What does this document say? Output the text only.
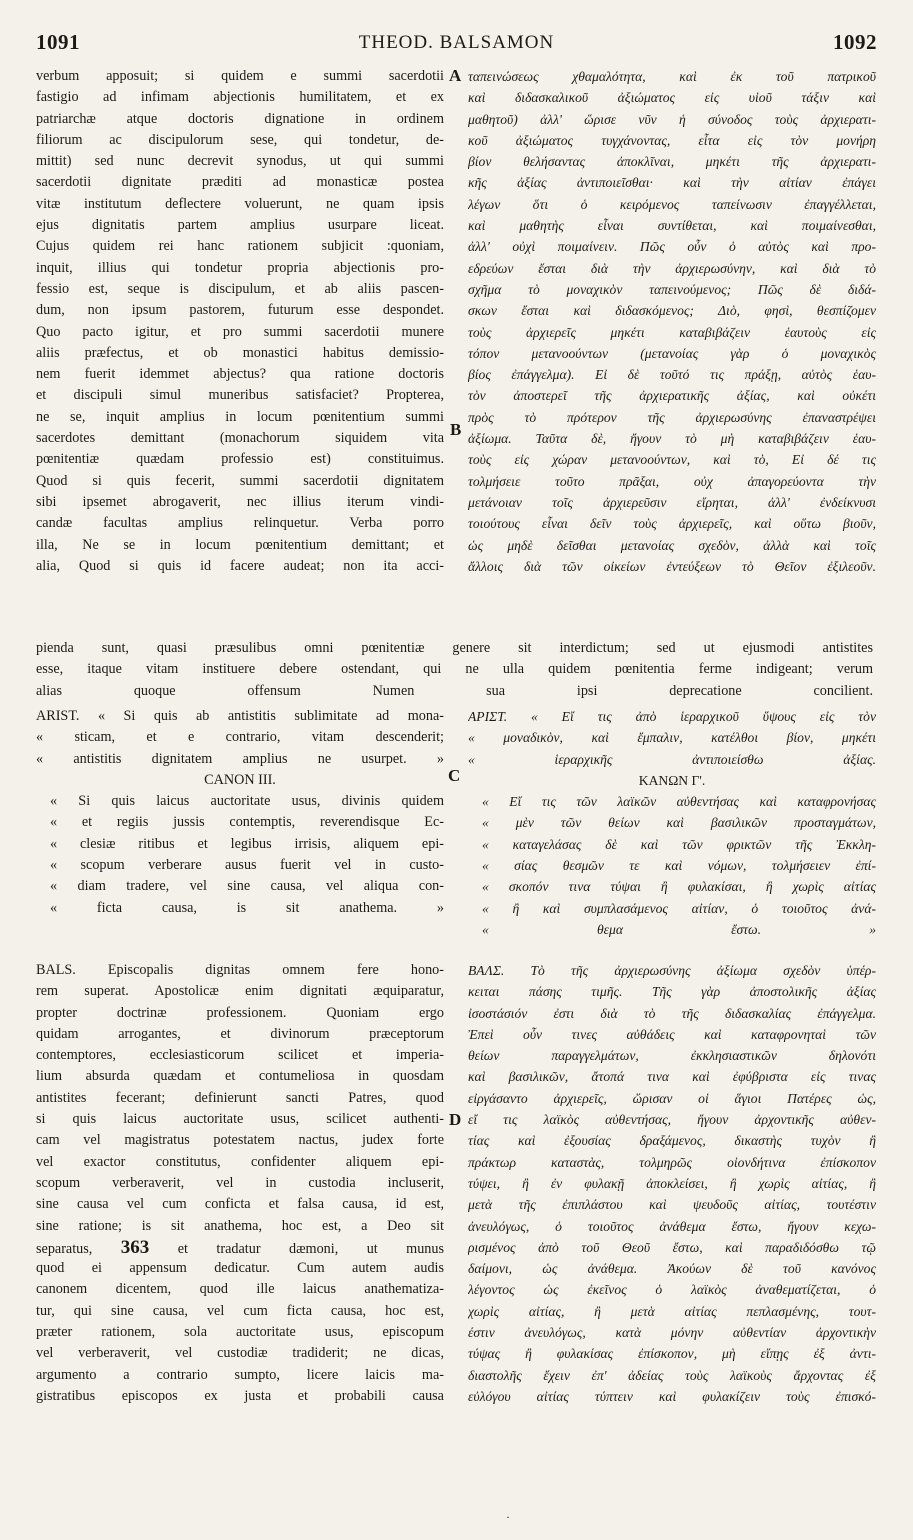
1091	THEOD. BALSAMON	1092
A
B
C
D
verbum apposuit; si quidem e summi sacerdotii
fastigio ad infimam abjectionis humilitatem, et ex
patriarchæ atque doctoris dignatione in ordinem
filiorum ac discipulorum sese, qui tondetur, de-
mittit) sed nunc decrevit synodus, ut qui summi
sacerdotii dignitate præditi ad monasticæ postea
vitæ institutum deflectere voluerunt, ne quam ipsis
ejus dignitatis partem amplius usurpare liceat.
Cujus quidem rei hanc rationem subjicit :quoniam,
inquit, illius qui tondetur propria abjectionis pro-
fessio est, seque is discipulum, et ab aliis pascen-
dum, non ipsum pastorem, futurum esse despondet.
Quo pacto igitur, et pro summi sacerdotii munere
aliis præfectus, et ob monastici habitus demissio-
nem fuerit idemmet abjectus? qua ratione doctoris
et discipuli simul muneribus satisfaciet? Propterea,
ne se, inquit amplius in locum pœnitentium summi
sacerdotes demittant (monachorum siquidem vita
pœnitentiæ quædam professio est) constituimus.
Quod si quis fecerit, summi sacerdotii dignitatem
sibi ipsemet abrogaverit, nec illius iterum vindi-
candæ facultas amplius relinquetur. Verba porro
illa, Ne se in locum pœnitentium demittant; et
alia, Quod si quis id facere audeat; non ita acci-
ταπεινώσεως χθαμαλότητα, καὶ ἐκ τοῦ πατρικοῦ
καὶ διδασκαλικοῦ ἀξιώματος εἰς υἱοῦ τάξιν καὶ
μαθητοῦ) ἀλλ' ὥρισε νῦν ἡ σύνοδος τοὺς ἀρχιερατι-
κοῦ ἀξιώματος τυγχάνοντας, εἶτα εἰς τὸν μονήρη
βίον θελήσαντας ἀποκλῖναι, μηκέτι τῆς ἀρχιερατι-
κῆς ἀξίας ἀντιποιεῖσθαι· καὶ τὴν αἰτίαν ἐπάγει
λέγων ὅτι ὁ κειρόμενος ταπείνωσιν ἐπαγγέλλεται,
καὶ μαθητὴς εἶναι συντίθεται, καὶ ποιμαίνεσθαι,
ἀλλ' οὐχὶ ποιμαίνειν. Πῶς οὖν ὁ αὐτὸς καὶ προ-
εδρεύων ἔσται διὰ τὴν ἀρχιερωσύνην, καὶ διὰ τὸ
σχῆμα τὸ μοναχικὸν ταπεινούμενος; Πῶς δὲ διδά-
σκων ἔσται καὶ διδασκόμενος; Διὸ, φησὶ, θεσπίζομεν
τοὺς ἀρχιερεῖς μηκέτι καταβιβάζειν ἑαυτοὺς εἰς
τόπον μετανοούντων (μετανοίας γὰρ ὁ μοναχικὸς
βίος ἐπάγγελμα). Εἰ δὲ τοῦτό τις πράξῃ, αὐτὸς ἑαυ-
τὸν ἀποστερεῖ τῆς ἀρχιερατικῆς ἀξίας, καὶ οὐκέτι
πρὸς τὸ πρότερον τῆς ἀρχιερωσύνης ἐπαναστρέψει
ἀξίωμα. Ταῦτα δὲ, ἤγουν τὸ μὴ καταβιβάζειν ἑαυ-
τοὺς εἰς χώραν μετανοούντων, καὶ τὸ, Εἰ δέ τις
τολμήσειε τοῦτο πρᾶξαι, οὐχ ἀπαγορεύοντα τὴν
μετάνοιαν τοῖς ἀρχιερεῦσιν εἴρηται, ἀλλ' ἐνδείκνυσι
τοιούτους εἶναι δεῖν τοὺς ἀρχιερεῖς, καὶ οὕτω βιοῦν,
ὡς μηδὲ δεῖσθαι μετανοίας σχεδὸν, ἀλλὰ καὶ τοῖς
ἄλλοις διὰ τῶν οἰκείων ἐντεύξεων τὸ Θεῖον ἐξιλεοῦν.
pienda sunt, quasi præsulibus omni pœnitentiæ genere sit interdictum; sed ut ejusmodi antistites
esse, itaque vitam instituere debere ostendant, qui ne ulla quidem pœnitentia ferme indigeant; verum
alias quoque offensum Numen sua ipsi deprecatione concilient.
ARIST. « Si quis ab antistitis sublimitate ad mona-
« sticam, et e contrario, vitam descenderit;
« antistitis dignitatem amplius ne usurpet. »
CANON III.
« Si quis laicus auctoritate usus, divinis quidem
« et regiis jussis contemptis, reverendisque Ec-
« clesiæ ritibus et legibus irrisis, aliquem epi-
« scopum verberare ausus fuerit vel in custo-
« diam tradere, vel sine causa, vel aliqua con-
« ficta causa, is sit anathema. »
ΑΡΙΣΤ. « Εἴ τις ἀπὸ ἱεραρχικοῦ ὕψους εἰς τὸν
« μοναδικὸν, καὶ ἔμπαλιν, κατέλθοι βίον, μηκέτι
« ἱεραρχικῆς ἀντιποιείσθω ἀξίας.
ΚΑΝΩΝ Γ'.
« Εἴ τις τῶν λαϊκῶν αὐθεντήσας καὶ καταφρονήσας
« μὲν τῶν θείων καὶ βασιλικῶν προσταγμάτων,
« καταγελάσας δὲ καὶ τῶν φρικτῶν τῆς Ἐκκλη-
« σίας θεσμῶν τε καὶ νόμων, τολμήσειεν ἐπί-
« σκοπόν τινα τύψαι ἢ φυλακίσαι, ἢ χωρὶς αἰτίας
« ἢ καὶ συμπλασάμενος αἰτίαν, ὁ τοιοῦτος ἀνά-
« θεμα ἔστω. »
BALS. Episcopalis dignitas omnem fere hono-
rem superat. Apostolicæ enim dignitati æquiparatur,
propter doctrinæ professionem. Quoniam ergo
quidam arrogantes, et divinorum præceptorum
contemptores, ecclesiasticorum scilicet et imperia-
lium absurda quædam et contumeliosa in quosdam
antistites fecerant; definierunt sancti Patres, quod
si quis laicus auctoritate usus, scilicet authenti-
cam vel magistratus potestatem nactus, judex forte
vel exactor constitutus, confidenter aliquem epi-
scopum verberaverit, vel in custodia incluserit,
sine causa vel cum conficta et falsa causa, id est,
sine ratione; is sit anathema, hoc est, a Deo sit
separatus, 363 et tradatur dæmoni, ut munus
quod ei appensum dedicatur. Cum autem audis
canonem dicentem, quod ille laicus anathematiza-
tur, qui sine causa, vel cum ficta causa, hoc est,
præter rationem, sola auctoritate usus, episcopum
vel verberaverit, vel custodiæ tradiderit; ne dicas,
argumento a contrario sumpto, licere laicis ma-
gistratibus episcopos ex justa et probabili causa
ΒΑΛΣ. Τὸ τῆς ἀρχιερωσύνης ἀξίωμα σχεδὸν ὑπέρ-
κειται πάσης τιμῆς. Τῆς γὰρ ἀποστολικῆς ἀξίας
ἰσοστάσιόν ἐστι διὰ τὸ τῆς διδασκαλίας ἐπάγγελμα.
Ἐπεὶ οὖν τινες αὐθάδεις καὶ καταφρονηταὶ τῶν
θείων παραγγελμάτων, ἐκκλησιαστικῶν δηλονότι
καὶ βασιλικῶν, ἄτοπά τινα καὶ ἐφύβριστα εἰς τινας
εἰργάσαντο ἀρχιερεῖς, ὥρισαν οἱ ἅγιοι Πατέρες ὡς,
εἴ τις λαϊκὸς αὐθεντήσας, ἤγουν ἀρχοντικῆς αὐθεν-
τίας καὶ ἐξουσίας δραξάμενος, δικαστὴς τυχὸν ἢ
πράκτωρ καταστὰς, τολμηρῶς οἱονδήτινα ἐπίσκοπον
τύψει, ἢ ἐν φυλακῇ ἀποκλείσει, ἢ χωρὶς αἰτίας, ἢ
μετὰ τῆς ἐπιπλάστου καὶ ψευδοῦς αἰτίας, τουτέστιν
ἀνευλόγως, ὁ τοιοῦτος ἀνάθεμα ἔστω, ἤγουν κεχω-
ρισμένος ἀπὸ τοῦ Θεοῦ ἔστω, καὶ παραδιδόσθω τῷ
δαίμονι, ὡς ἀνάθεμα. Ἀκούων δὲ τοῦ κανόνος
λέγοντος ὡς ἐκεῖνος ὁ λαϊκὸς ἀναθεματίζεται, ὁ
χωρὶς αἰτίας, ἢ μετὰ αἰτίας πεπλασμένης, τουτ-
έστιν ἀνευλόγως, κατὰ μόνην αὐθεντίαν ἀρχοντικὴν
τύψας ἢ φυλακίσας ἐπίσκοπον, μὴ εἴπῃς ἐξ ἀντι-
διαστολῆς ἔχειν ἐπ' ἀδείας τοὺς λαϊκοὺς ἄρχοντας ἐξ
εὐλόγου αἰτίας τύπτειν καὶ φυλακίζειν τοὺς ἐπισκό-
·
